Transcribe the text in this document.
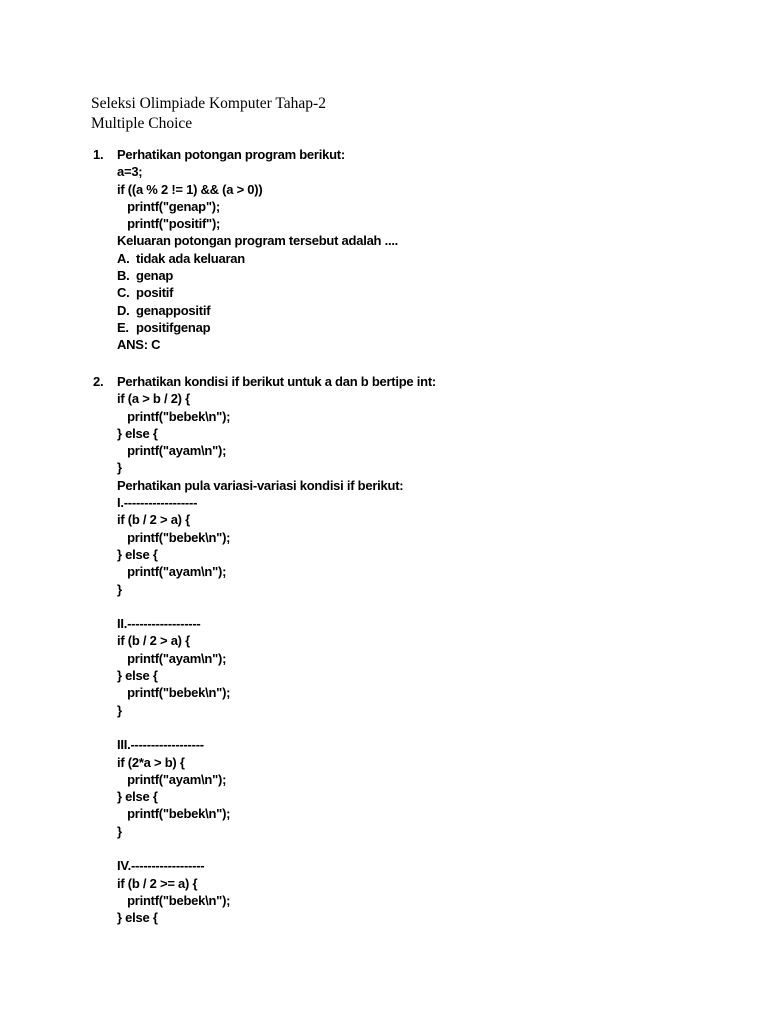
Seleksi Olimpiade Komputer Tahap-2
Multiple Choice
1.	Perhatikan potongan program berikut:
a=3;
if ((a % 2 != 1) && (a > 0))
printf("genap");
printf("positif");
Keluaran potongan program tersebut adalah ....
A. tidak ada keluaran
B. genap
C. positif
D. genappositif
E. positifgenap
ANS: C
2.	Perhatikan kondisi if berikut untuk a dan b bertipe int:
if (a > b / 2) {
printf("bebek\n");
} else {
printf("ayam\n");
}
Perhatikan pula variasi-variasi kondisi if berikut:
I.------------------
if (b / 2 > a) {
printf("bebek\n");
} else {
printf("ayam\n");
}
II.------------------
if (b / 2 > a) {
printf("ayam\n");
} else {
printf("bebek\n");
}
III.------------------
if (2*a > b) {
printf("ayam\n");
} else {
printf("bebek\n");
}
IV.------------------
if (b / 2 >= a) {
printf("bebek\n");
} else {
